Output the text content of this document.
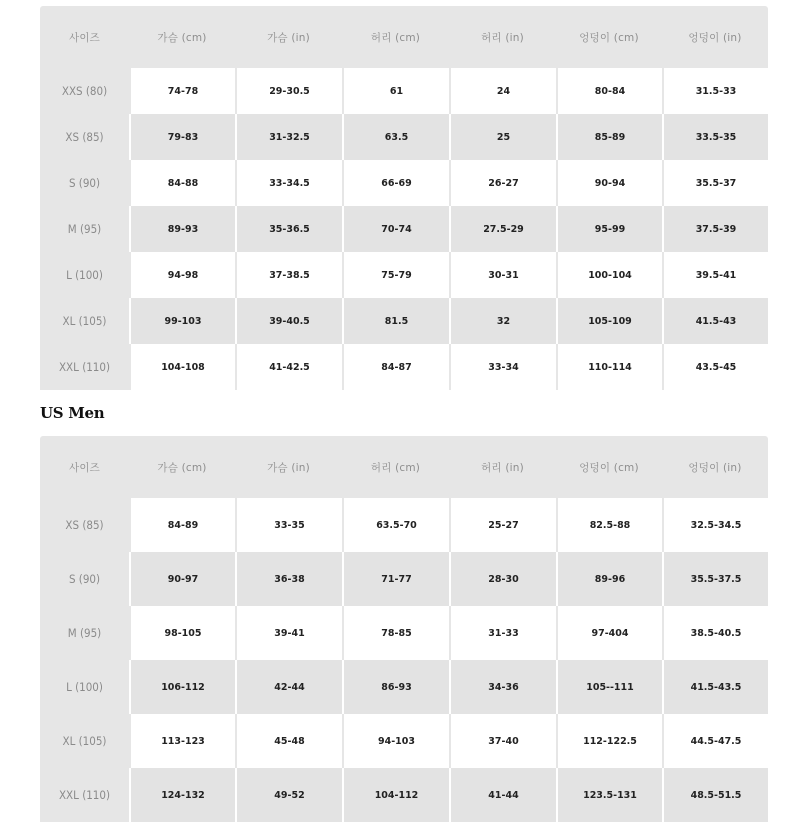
사이즈	가슴 (cm)	가슴 (in)	허리 (cm)	허리 (in)	엉덩이 (cm)	엉덩이 (in)
XXS (80)	74-78	29-30.5	61	24	80-84	31.5-33
XS (85)	79-83	31-32.5	63.5	25	85-89	33.5-35
S (90)	84-88	33-34.5	66-69	26-27	90-94	35.5-37
M (95)	89-93	35-36.5	70-74	27.5-29	95-99	37.5-39
L (100)	94-98	37-38.5	75-79	30-31	100-104	39.5-41
XL (105)	99-103	39-40.5	81.5	32	105-109	41.5-43
XXL (110)	104-108	41-42.5	84-87	33-34	110-114	43.5-45
US Men
사이즈	가슴 (cm)	가슴 (in)	허리 (cm)	허리 (in)	엉덩이 (cm)	엉덩이 (in)
XS (85)	84-89	33-35	63.5-70	25-27	82.5-88	32.5-34.5
S (90)	90-97	36-38	71-77	28-30	89-96	35.5-37.5
M (95)	98-105	39-41	78-85	31-33	97-404	38.5-40.5
L (100)	106-112	42-44	86-93	34-36	105--111	41.5-43.5
XL (105)	113-123	45-48	94-103	37-40	112-122.5	44.5-47.5
XXL (110)	124-132	49-52	104-112	41-44	123.5-131	48.5-51.5
